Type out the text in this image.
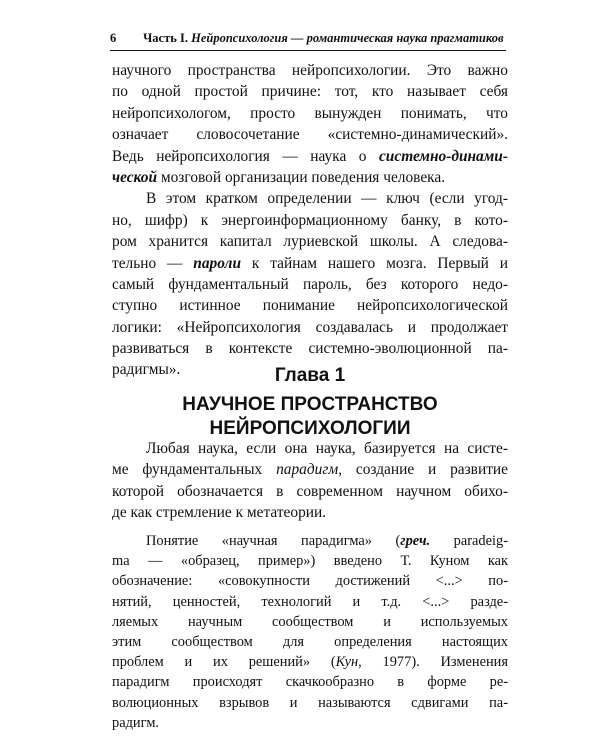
6 Часть I. Нейропсихология — романтическая наука прагматиков

научного пространства нейропсихологии. Это важно
по одной простой причине: тот, кто называет себя
нейропсихологом, просто вынужден понимать, что
означает словосочетание «системно-динамический».
Ведь нейропсихология — наука о системно-динами-
ческой мозговой организации поведения человека.

В этом кратком определении — ключ (если угод-
но, шифр) к энергоинформационному банку, в кото-
ром хранится капитал луриевской школы. А следова-
тельно — пароли к тайнам нашего мозга. Первый и
самый фундаментальный пароль, без которого недо-
ступно истинное понимание нейропсихологической
логики: «Нейропсихология создавалась и продолжает
развиваться в контексте системно-эволюционной па-
радигмы».	Глава 1
НАУЧНОЕ ПРОСТРАНСТВО
НЕЙРОПСИХОЛОГИИ

Любая наука, если она наука, базируется на систе-
ме фундаментальных парадигм, создание и развитие
которой обозначается в современном научном обихо-
де как стремление к метатеории.

Понятие «научная парадигма» (греч. paradeig-
ma — «образец, пример») введено Т. Куном как
обозначение: «совокупности достижений <...> по-
нятий, ценностей, технологий и т.д. <...> разде-
ляемых научным сообществом и используемых
этим сообществом для определения настоящих
проблем и их решений» (Кун, 1977). Изменения
парадигм происходят скачкообразно в форме ре-
волюционных взрывов и называются сдвигами па-
радигм.
